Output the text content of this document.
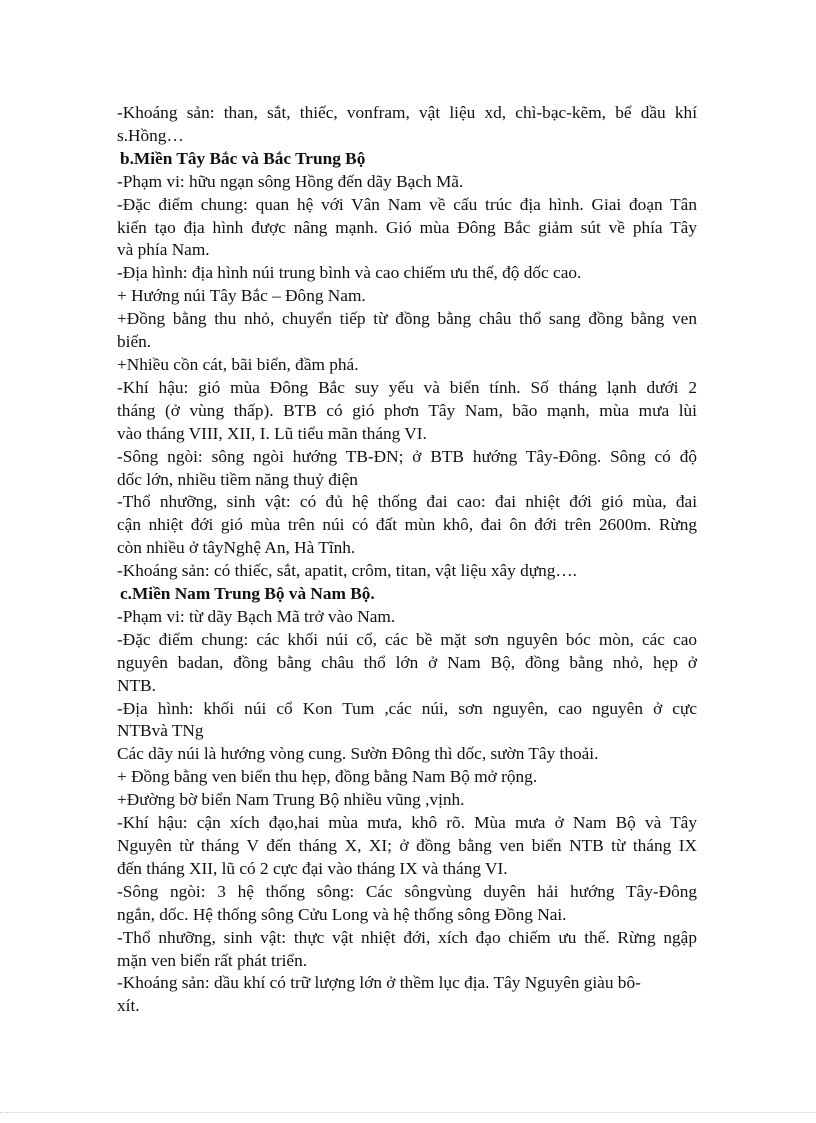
-Khoáng sản: than, sắt, thiếc, vonfram, vật liệu xd, chì-bạc-kẽm, bể dầu khí

s.Hồng…

b.Miền Tây Bắc và Bắc Trung Bộ

-Phạm vi: hữu ngạn sông Hồng đến dãy Bạch Mã.

-Đặc điểm chung: quan hệ với Vân Nam về cấu trúc địa hình. Giai đoạn Tân

kiến tạo địa hình được nâng mạnh. Gió mùa Đông Bắc giảm sút về phía Tây

và phía Nam.

-Địa hình: địa hình núi trung bình và cao chiếm ưu thế, độ dốc cao.

+ Hướng núi Tây Bắc – Đông Nam.

+Đồng bằng thu nhỏ, chuyển tiếp từ đồng bằng châu thổ sang đồng bằng ven

biển.

+Nhiều cồn cát, bãi biển, đầm phá.

-Khí hậu: gió mùa Đông Bắc suy yếu và biến tính. Số tháng lạnh dưới 2

tháng (ở vùng thấp). BTB có gió phơn Tây Nam, bão mạnh, mùa mưa lùi

vào tháng VIII, XII, I. Lũ tiểu mãn tháng VI.

-Sông ngòi: sông ngòi hướng TB-ĐN; ở BTB hướng Tây-Đông. Sông có độ

dốc lớn, nhiều tiềm năng thuỷ điện

-Thổ nhưỡng, sinh vật: có đủ hệ thống đai cao: đai nhiệt đới gió mùa, đai

cận nhiệt đới gió mùa trên núi có đất mùn khô, đai ôn đới trên 2600m. Rừng

còn nhiều ở tâyNghệ An, Hà Tĩnh.

-Khoáng sản: có thiếc, sắt, apatit, crôm, titan, vật liệu xây dựng….

c.Miền Nam Trung Bộ và Nam Bộ.

-Phạm vi: từ dãy Bạch Mã trở vào Nam.

-Đặc điểm chung: các khối núi cổ, các bề mặt sơn nguyên bóc mòn, các cao

nguyên badan, đồng bằng châu thổ lớn ở Nam Bộ, đồng bằng nhỏ, hẹp ở

NTB.

-Địa hình: khối núi cổ Kon Tum ,các núi, sơn nguyên, cao nguyên ở cực

NTBvà TNg

Các dãy núi là hướng vòng cung. Sườn Đông thì dốc, sườn Tây thoải.

+ Đồng bằng ven biển thu hẹp, đồng bằng Nam Bộ mở rộng.

+Đường bờ biển Nam Trung Bộ nhiều vũng ,vịnh.

-Khí hậu: cận xích đạo,hai mùa mưa, khô rõ. Mùa mưa ở Nam Bộ và Tây

Nguyên từ tháng V đến tháng X, XI; ở đồng bằng ven biển NTB từ tháng IX

đến tháng XII, lũ có 2 cực đại vào tháng IX và tháng VI.

-Sông ngòi: 3 hệ thống sông: Các sôngvùng duyên hải hướng Tây-Đông

ngắn, dốc. Hệ thống sông Cửu Long và hệ thống sông Đồng Nai.

-Thổ nhưỡng, sinh vật: thực vật nhiệt đới, xích đạo chiếm ưu thế. Rừng ngập

mặn ven biển rất phát triển.

-Khoáng sản: dầu khí có trữ lượng lớn ở thềm lục địa. Tây Nguyên giàu bô-

xít.
